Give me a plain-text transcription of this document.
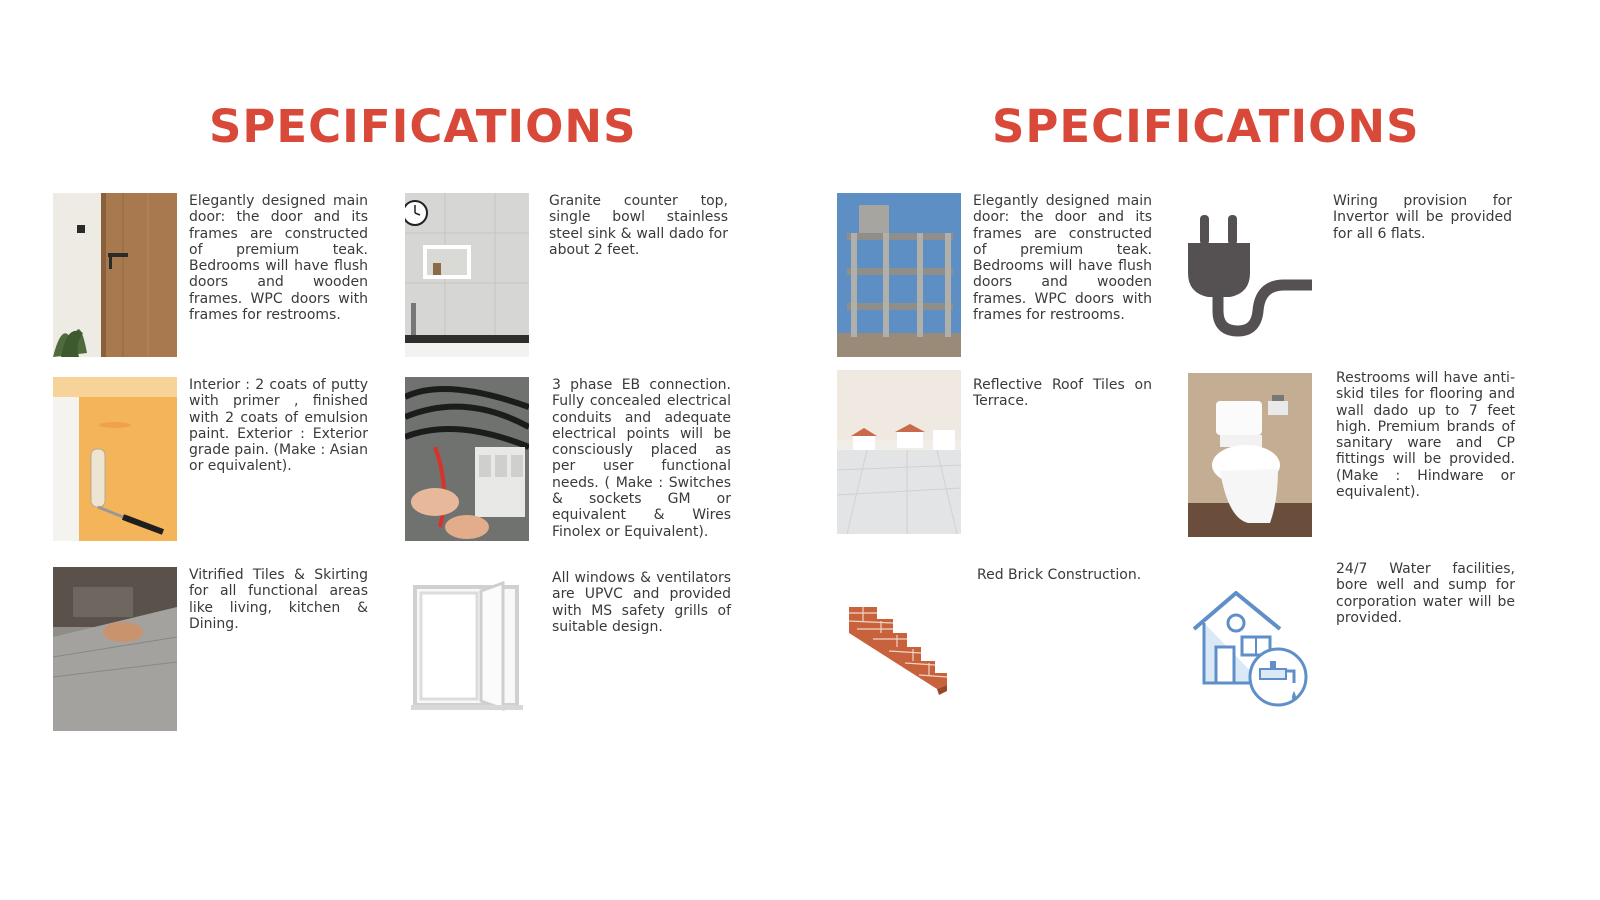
SPECIFICATIONS

Elegantly designed main door: the door and its frames are constructed of premium teak. Bedrooms will have flush doors and wooden frames. WPC doors with frames for restrooms.

Granite counter top, single bowl stainless steel sink & wall dado for about 2 feet.

Interior : 2 coats of putty with primer , finished with 2 coats of emulsion paint. Exterior : Exterior grade pain. (Make : Asian or equivalent).

3 phase EB connection. Fully concealed electrical conduits and adequate electrical points will be consciously placed as per user functional needs. ( Make : Switches & sockets GM or equivalent & Wires Finolex or Equivalent).

Vitrified Tiles & Skirting for all functional areas like living, kitchen & Dining.

All windows & ventilators are UPVC and provided with MS safety grills of suitable design.

SPECIFICATIONS

Elegantly designed main door: the door and its frames are constructed of premium teak. Bedrooms will have flush doors and wooden frames. WPC doors with frames for restrooms.

Wiring provision for Invertor will be provided for all 6 flats.

Reflective Roof Tiles on Terrace.

Restrooms will have anti-skid tiles for flooring and wall dado up to 7 feet high. Premium brands of sanitary ware and CP fittings will be provided. (Make : Hindware or equivalent).

Red Brick Construction.	24/7 Water facilities, bore well and sump for corporation water will be provided.
